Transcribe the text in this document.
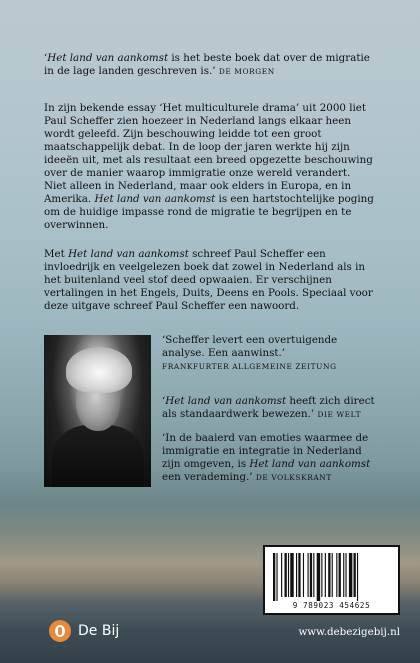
‘Het land van aankomst is het beste boek dat over de migratie in de lage landen geschreven is.’ DE MORGEN

In zijn bekende essay ‘Het multiculturele drama’ uit 2000 liet Paul Scheffer zien hoezeer in Nederland langs elkaar heen wordt geleefd. Zijn beschouwing leidde tot een groot maatschappelijk debat. In de loop der jaren werkte hij zijn ideeën uit, met als resultaat een breed opgezette beschouwing over de manier waarop immigratie onze wereld verandert. Niet alleen in Nederland, maar ook elders in Europa, en in Amerika. Het land van aankomst is een hartstochtelijke poging om de huidige impasse rond de migratie te begrijpen en te overwinnen.

Met Het land van aankomst schreef Paul Scheffer een invloedrijk en veelgelezen boek dat zowel in Nederland als in het buitenland veel stof deed opwaaien. Er verschijnen vertalingen in het Engels, Duits, Deens en Pools. Speciaal voor deze uitgave schreef Paul Scheffer een nawoord.

‘Scheffer levert een overtuigende analyse. Een aanwinst.’

FRANKFURTER ALLGEMEINE ZEITUNG

‘Het land van aankomst heeft zich direct als standaardwerk bewezen.’ DIE WELT

‘In de baaierd van emoties waarmee de immigratie en integratie in Nederland zijn omgeven, is Het land van aankomst een verademing.’ DE VOLKSKRANT

9 789023 454625
De Bij	www.debezigebij.nl
